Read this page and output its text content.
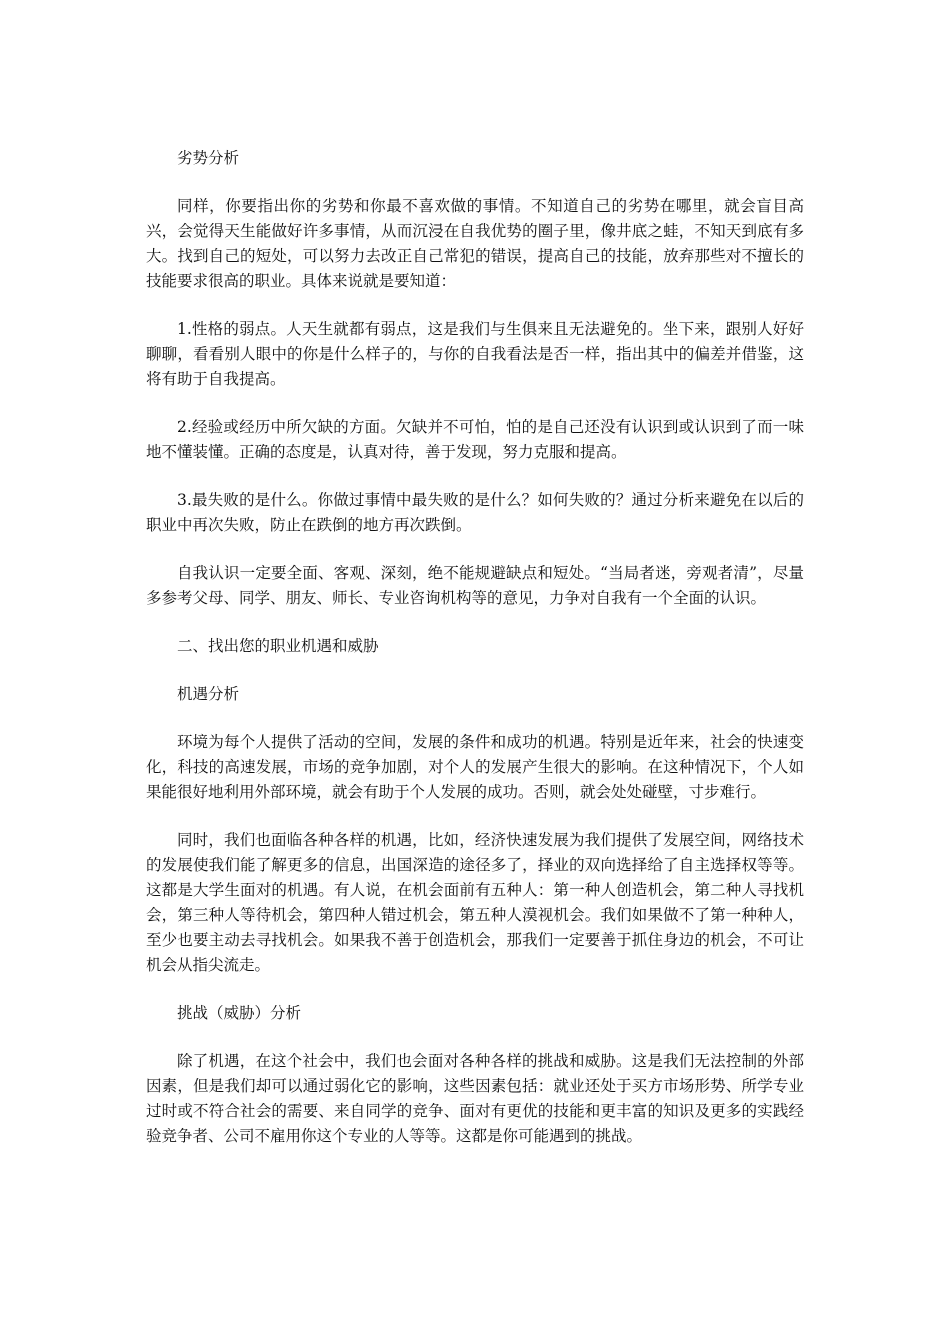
劣势分析

同样，你要指出你的劣势和你最不喜欢做的事情。不知道自己的劣势在哪里，就会盲目高兴，会觉得天生能做好许多事情，从而沉浸在自我优势的圈子里，像井底之蛙，不知天到底有多大。找到自己的短处，可以努力去改正自己常犯的错误，提高自己的技能，放弃那些对不擅长的技能要求很高的职业。具体来说就是要知道：

1.性格的弱点。人天生就都有弱点，这是我们与生俱来且无法避免的。坐下来，跟别人好好聊聊，看看别人眼中的你是什么样子的，与你的自我看法是否一样，指出其中的偏差并借鉴，这将有助于自我提高。

2.经验或经历中所欠缺的方面。欠缺并不可怕，怕的是自己还没有认识到或认识到了而一味地不懂装懂。正确的态度是，认真对待，善于发现，努力克服和提高。

3.最失败的是什么。你做过事情中最失败的是什么？如何失败的？通过分析来避免在以后的职业中再次失败，防止在跌倒的地方再次跌倒。

自我认识一定要全面、客观、深刻，绝不能规避缺点和短处。“当局者迷，旁观者清”，尽量多参考父母、同学、朋友、师长、专业咨询机构等的意见，力争对自我有一个全面的认识。

二、找出您的职业机遇和威胁

机遇分析

环境为每个人提供了活动的空间，发展的条件和成功的机遇。特别是近年来，社会的快速变化，科技的高速发展，市场的竞争加剧，对个人的发展产生很大的影响。在这种情况下，个人如果能很好地利用外部环境，就会有助于个人发展的成功。否则，就会处处碰壁，寸步难行。

同时，我们也面临各种各样的机遇，比如，经济快速发展为我们提供了发展空间，网络技术的发展使我们能了解更多的信息，出国深造的途径多了，择业的双向选择给了自主选择权等等。这都是大学生面对的机遇。有人说，在机会面前有五种人：第一种人创造机会，第二种人寻找机会，第三种人等待机会，第四种人错过机会，第五种人漠视机会。我们如果做不了第一种种人，至少也要主动去寻找机会。如果我不善于创造机会，那我们一定要善于抓住身边的机会，不可让机会从指尖流走。

挑战（威胁）分析

除了机遇，在这个社会中，我们也会面对各种各样的挑战和威胁。这是我们无法控制的外部因素，但是我们却可以通过弱化它的影响，这些因素包括：就业还处于买方市场形势、所学专业过时或不符合社会的需要、来自同学的竞争、面对有更优的技能和更丰富的知识及更多的实践经验竞争者、公司不雇用你这个专业的人等等。这都是你可能遇到的挑战。
